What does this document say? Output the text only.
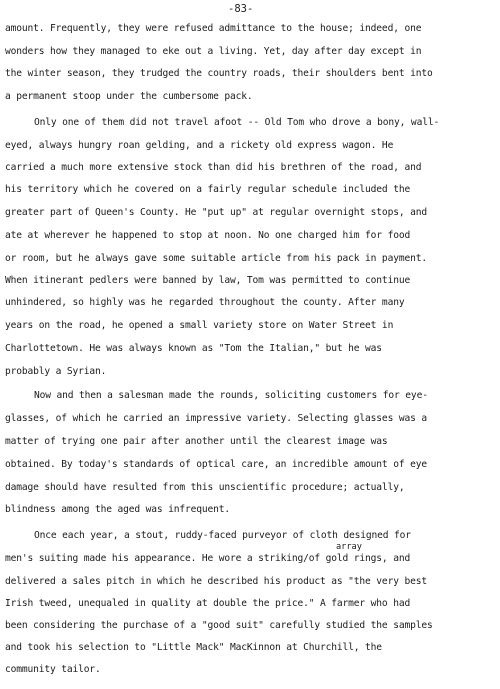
-83-
amount. Frequently, they were refused admittance to the house; indeed, one
wonders how they managed to eke out a living. Yet, day after day except in
the winter season, they trudged the country roads, their shoulders bent into
a permanent stoop under the cumbersome pack.
Only one of them did not travel afoot -- Old Tom who drove a bony, wall-
eyed, always hungry roan gelding, and a rickety old express wagon. He
carried a much more extensive stock than did his brethren of the road, and
his territory which he covered on a fairly regular schedule included the
greater part of Queen's County. He "put up" at regular overnight stops, and
ate at wherever he happened to stop at noon. No one charged him for food
or room, but he always gave some suitable article from his pack in payment.
When itinerant pedlers were banned by law, Tom was permitted to continue
unhindered, so highly was he regarded throughout the county. After many
years on the road, he opened a small variety store on Water Street in
Charlottetown. He was always known as "Tom the Italian," but he was
probably a Syrian.
Now and then a salesman made the rounds, soliciting customers for eye-
glasses, of which he carried an impressive variety. Selecting glasses was a
matter of trying one pair after another until the clearest image was
obtained. By today's standards of optical care, an incredible amount of eye
damage should have resulted from this unscientific procedure; actually,
blindness among the aged was infrequent.
Once each year, a stout, ruddy-faced purveyor of cloth designed for
array
men's suiting made his appearance. He wore a striking/of gold rings, and
delivered a sales pitch in which he described his product as "the very best
Irish tweed, unequaled in quality at double the price." A farmer who had
been considering the purchase of a "good suit" carefully studied the samples
and took his selection to "Little Mack" MacKinnon at Churchill, the
community tailor.
